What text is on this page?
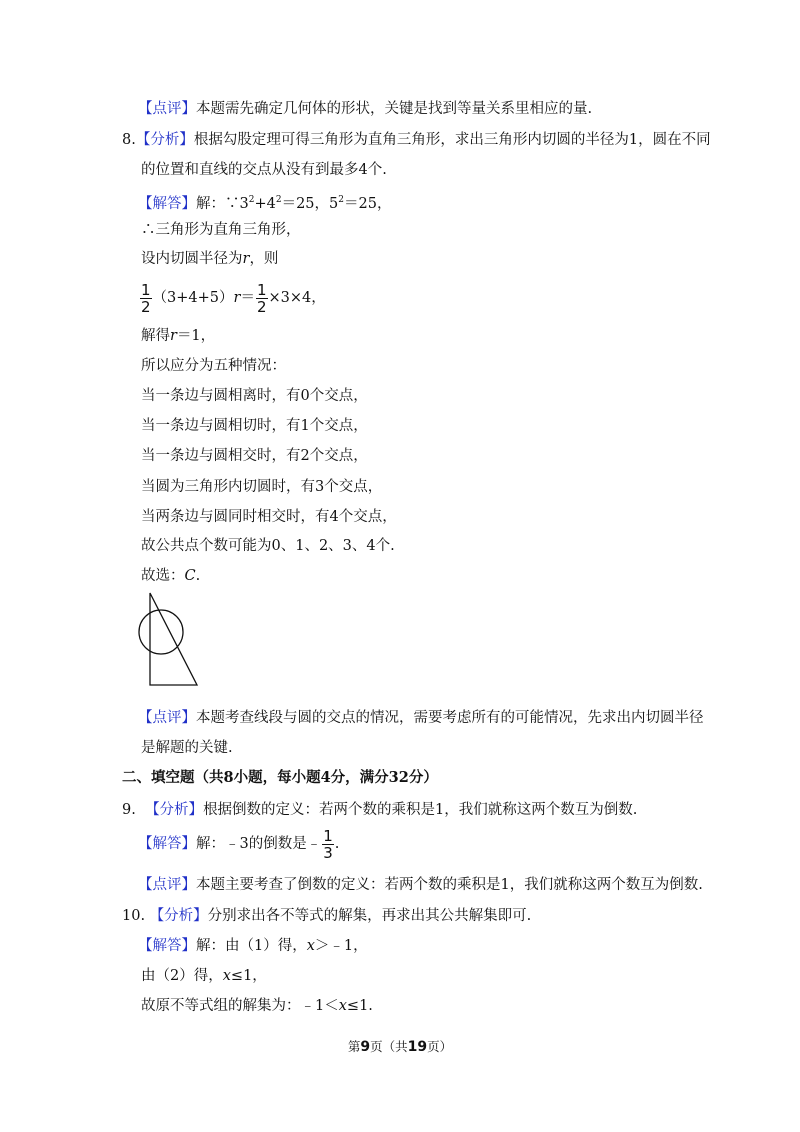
【点评】本题需先确定几何体的形状，关键是找到等量关系里相应的量.
8.【分析】根据勾股定理可得三角形为直角三角形，求出三角形内切圆的半径为1，圆在不同
的位置和直线的交点从没有到最多4个.
【解答】解：$\because 3^2+4^2=25$，$5^2=25$，
∴三角形为直角三角形，
设内切圆半径为r，则
$\frac{1}{2} (3+4+5)r= \frac{1}{2} \times 3\times 4$，
解得r＝1，
所以应分为五种情况：
当一条边与圆相离时，有0个交点，
当一条边与圆相切时，有1个交点，
当一条边与圆相交时，有2个交点，
当圆为三角形内切圆时，有3个交点，
当两条边与圆同时相交时，有4个交点，
故公共点个数可能为0、1、2、3、4个.
故选：C.
【点评】本题考查线段与圆的交点的情况，需要考虑所有的可能情况，先求出内切圆半径
是解题的关键.
二、填空题（共8小题，每小题4分，满分32分）
9. 【分析】根据倒数的定义：若两个数的乘积是1，我们就称这两个数互为倒数.
【解答】解：﹣3的倒数是﹣ $\frac{1}{3}$ .
【点评】本题主要考查了倒数的定义：若两个数的乘积是1，我们就称这两个数互为倒数.
10. 【分析】分别求出各不等式的解集，再求出其公共解集即可.
【解答】解：由（1）得，x＞﹣1，
由（2）得，x≤1，
故原不等式组的解集为：﹣1＜x≤1.
第9页（共19页）
